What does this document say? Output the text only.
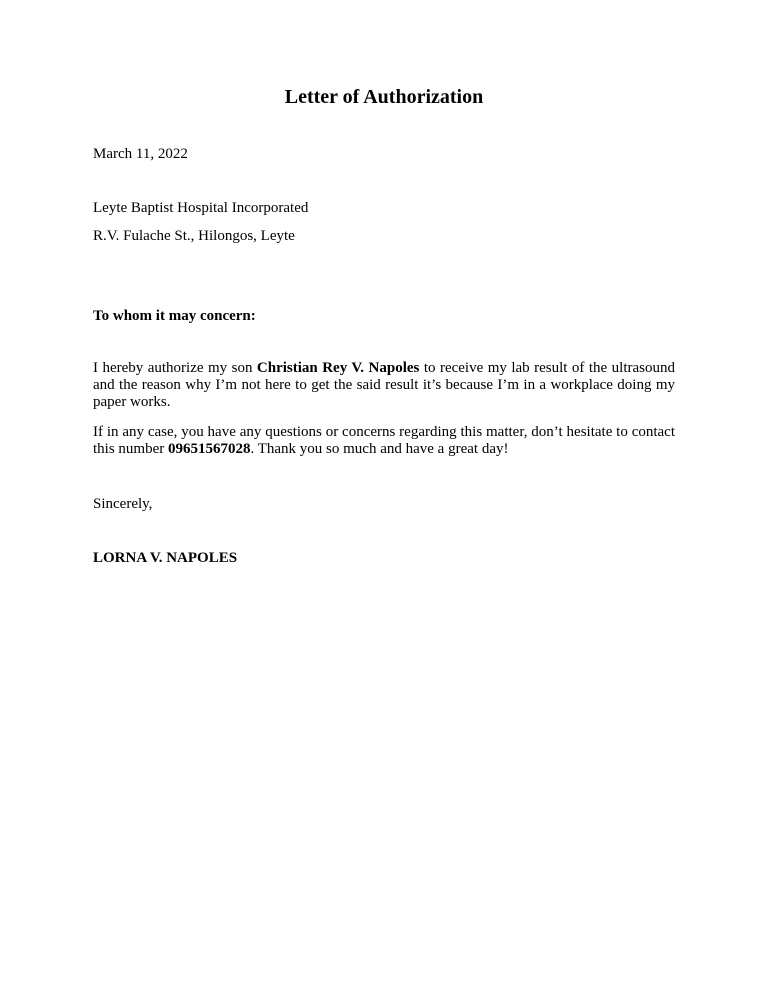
Letter of Authorization
March 11, 2022
Leyte Baptist Hospital Incorporated
R.V. Fulache St., Hilongos, Leyte
To whom it may concern:
I hereby authorize my son Christian Rey V. Napoles to receive my lab result of the ultrasound and the reason why I’m not here to get the said result it’s because I’m in a workplace doing my paper works.
If in any case, you have any questions or concerns regarding this matter, don’t hesitate to contact this number 09651567028. Thank you so much and have a great day!
Sincerely,
LORNA V. NAPOLES
